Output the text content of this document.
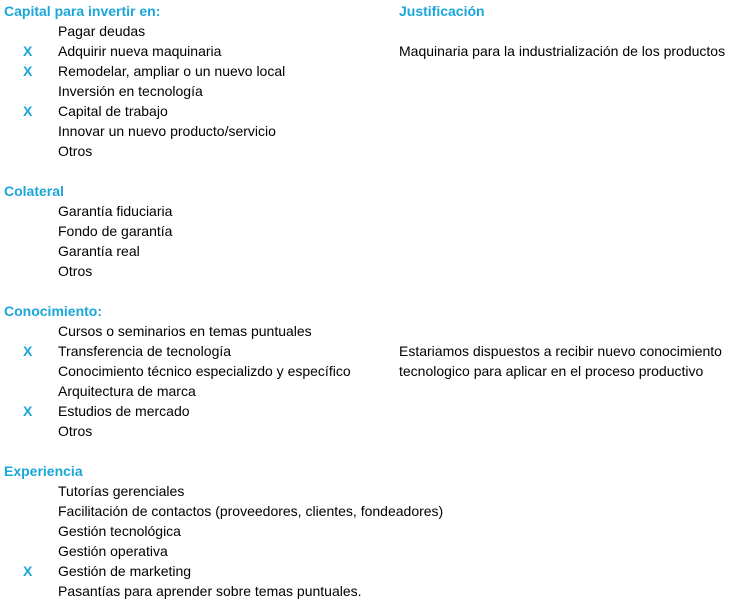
Capital para invertir en:	Justificación
Pagar deudas
X Adquirir nueva maquinaria	Maquinaria para la industrialización de los productos
X Remodelar, ampliar o un nuevo local
Inversión en tecnología
X Capital de trabajo
Innovar un nuevo producto/servicio
Otros
Colateral
Garantía fiduciaria
Fondo de garantía
Garantía real
Otros
Conocimiento:
Cursos o seminarios en temas puntuales
X Transferencia de tecnología	Estariamos dispuestos a recibir nuevo conocimiento
Conocimiento técnico especializdo y específico	tecnologico para aplicar en el proceso productivo
Arquitectura de marca
X Estudios de mercado
Otros
Experiencia
Tutorías gerenciales
Facilitación de contactos (proveedores, clientes, fondeadores)
Gestión tecnológica
Gestión operativa
X Gestión de marketing
Pasantías para aprender sobre temas puntuales.
